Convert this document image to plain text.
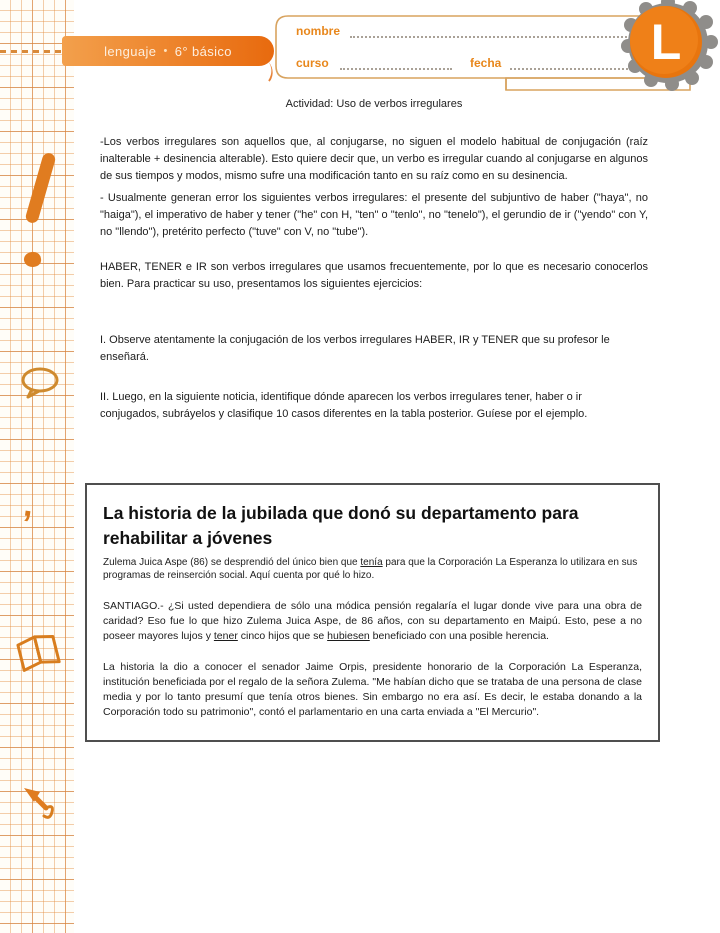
,
lenguaje • 6° básico
nombre
curso	fecha	L

Actividad: Uso de verbos irregulares

-Los verbos irregulares son aquellos que, al conjugarse, no siguen el modelo habitual de conjugación (raíz inalterable + desinencia alterable). Esto quiere decir que, un verbo es irregular cuando al conjugarse en algunos de sus tiempos y modos, mismo sufre una modificación tanto en su raíz como en su desinencia.

- Usualmente generan error los siguientes verbos irregulares: el presente del subjuntivo de haber ("haya", no "haiga"), el imperativo de haber y tener ("he" con H, "ten" o "tenlo", no "tenelo"), el gerundio de ir ("yendo" con Y, no "llendo"), pretérito perfecto ("tuve" con V, no "tube").

HABER, TENER e IR son verbos irregulares que usamos frecuentemente, por lo que es necesario conocerlos bien. Para practicar su uso, presentamos los siguientes ejercicios:

I. Observe atentamente la conjugación de los verbos irregulares HABER, IR y TENER que su profesor le enseñará.

II. Luego, en la siguiente noticia, identifique dónde aparecen los verbos irregulares tener, haber o ir conjugados, subráyelos y clasifique 10 casos diferentes en la tabla posterior. Guíese por el ejemplo.

La historia de la jubilada que donó su departamento para rehabilitar a jóvenes

Zulema Juica Aspe (86) se desprendió del único bien que tenía para que la Corporación La Esperanza lo utilizara en sus programas de reinserción social. Aquí cuenta por qué lo hizo.

SANTIAGO.- ¿Si usted dependiera de sólo una módica pensión regalaría el lugar donde vive para una obra de caridad? Eso fue lo que hizo Zulema Juica Aspe, de 86 años, con su departamento en Maipú. Esto, pese a no poseer mayores lujos y tener cinco hijos que se hubiesen beneficiado con una posible herencia.

La historia la dio a conocer el senador Jaime Orpis, presidente honorario de la Corporación La Esperanza, institución beneficiada por el regalo de la señora Zulema. "Me habían dicho que se trataba de una persona de clase media y por lo tanto presumí que tenía otros bienes. Sin embargo no era así. Es decir, le estaba donando a la Corporación todo su patrimonio", contó el parlamentario en una carta enviada a "El Mercurio".
